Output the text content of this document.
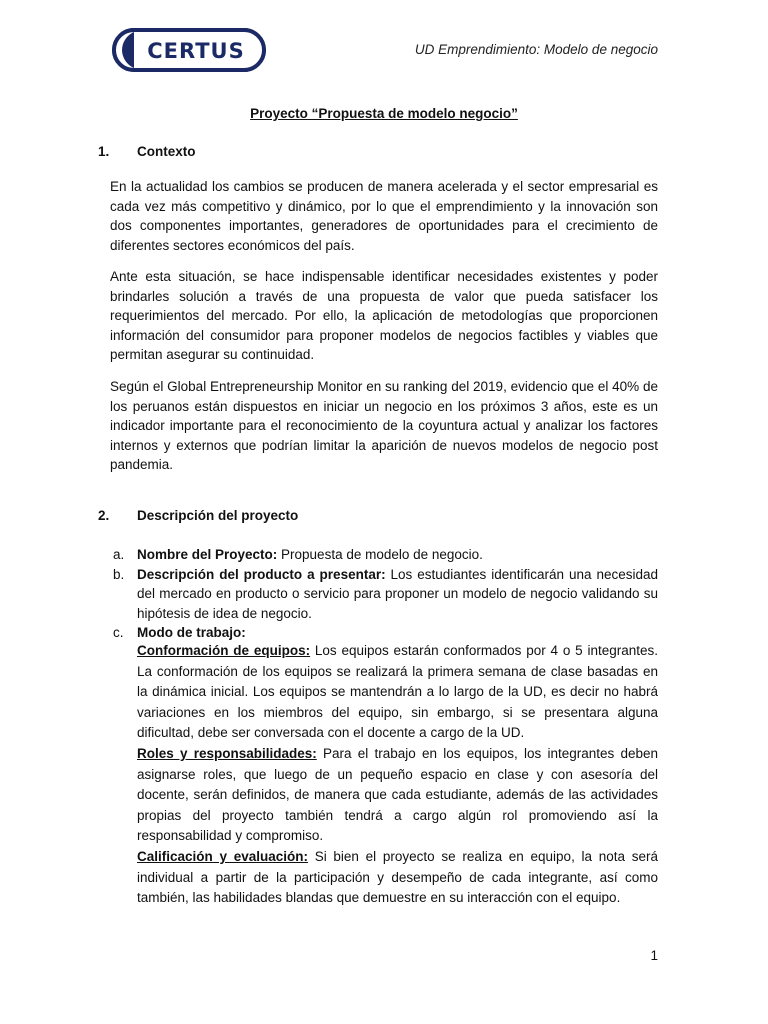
CERTUS	UD Emprendimiento: Modelo de negocio
Proyecto “Propuesta de modelo negocio”
1. Contexto
En la actualidad los cambios se producen de manera acelerada y el sector empresarial es cada vez más competitivo y dinámico, por lo que el emprendimiento y la innovación son dos componentes importantes, generadores de oportunidades para el crecimiento de diferentes sectores económicos del país.
Ante esta situación, se hace indispensable identificar necesidades existentes y poder brindarles solución a través de una propuesta de valor que pueda satisfacer los requerimientos del mercado. Por ello, la aplicación de metodologías que proporcionen información del consumidor para proponer modelos de negocios factibles y viables que permitan asegurar su continuidad.
Según el Global Entrepreneurship Monitor en su ranking del 2019, evidencio que el 40% de los peruanos están dispuestos en iniciar un negocio en los próximos 3 años, este es un indicador importante para el reconocimiento de la coyuntura actual y analizar los factores internos y externos que podrían limitar la aparición de nuevos modelos de negocio post pandemia.
2. Descripción del proyecto
a. Nombre del Proyecto: Propuesta de modelo de negocio.
b. Descripción del producto a presentar: Los estudiantes identificarán una necesidad del mercado en producto o servicio para proponer un modelo de negocio validando su hipótesis de idea de negocio.
c. Modo de trabajo:
Conformación de equipos: Los equipos estarán conformados por 4 o 5 integrantes. La conformación de los equipos se realizará la primera semana de clase basadas en la dinámica inicial. Los equipos se mantendrán a lo largo de la UD, es decir no habrá variaciones en los miembros del equipo, sin embargo, si se presentara alguna dificultad, debe ser conversada con el docente a cargo de la UD.
Roles y responsabilidades: Para el trabajo en los equipos, los integrantes deben asignarse roles, que luego de un pequeño espacio en clase y con asesoría del docente, serán definidos, de manera que cada estudiante, además de las actividades propias del proyecto también tendrá a cargo algún rol promoviendo así la responsabilidad y compromiso.
Calificación y evaluación: Si bien el proyecto se realiza en equipo, la nota será individual a partir de la participación y desempeño de cada integrante, así como también, las habilidades blandas que demuestre en su interacción con el equipo.
1
